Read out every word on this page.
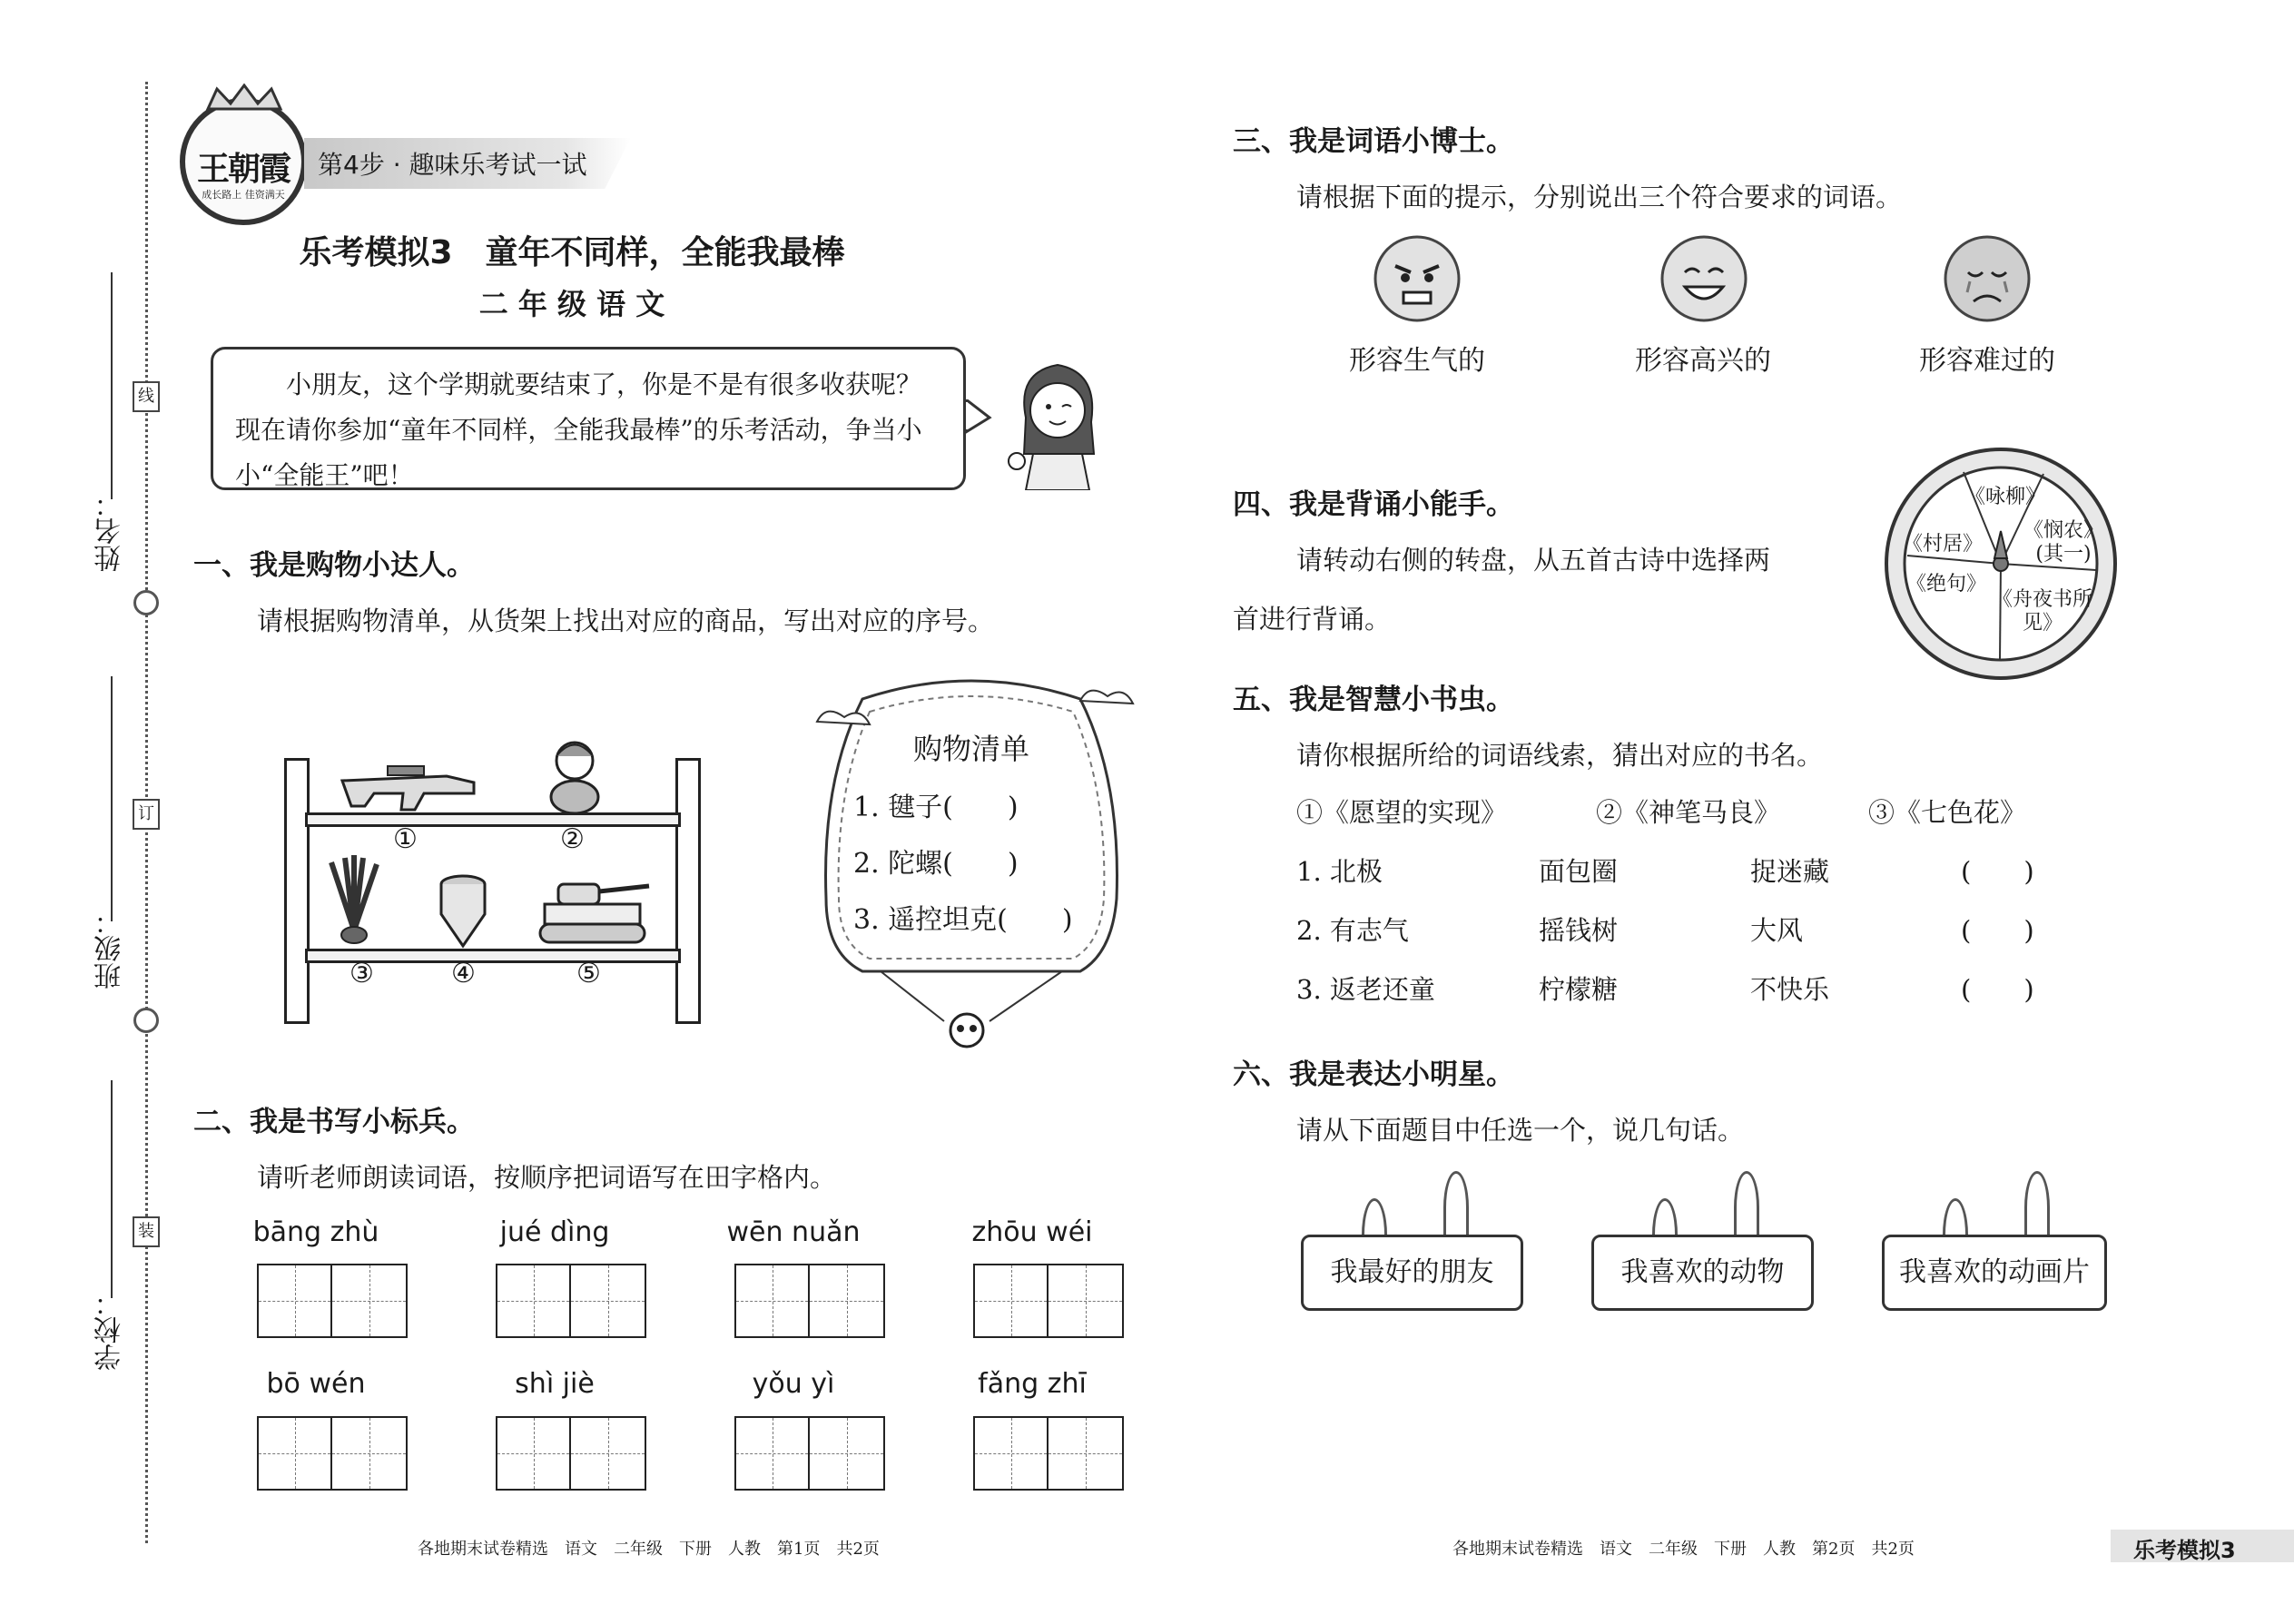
姓名：
班级：
学校：
线
订
装
王朝霞
成长路上 佳资满天
第4步 · 趣味乐考试一试
乐考模拟3　童年不同样，全能我最棒
二 年 级 语 文
小朋友，这个学期就要结束了，你是不是有很多收获呢？现在请你参加“童年不同样，全能我最棒”的乐考活动，争当小小“全能王”吧！
一、我是购物小达人。
请根据购物清单，从货架上找出对应的商品，写出对应的序号。
①	②
③	④	⑤
购物清单
1. 毽子(　　)
2. 陀螺(　　)
3. 遥控坦克(　　)
二、我是书写小标兵。
请听老师朗读词语，按顺序把词语写在田字格内。
bāng zhù	jué dìng	wēn nuǎn	zhōu wéi
bō wén	shì jiè	yǒu yì	fǎng zhī
各地期末试卷精选　语文　二年级　下册　人教　第1页　共2页
三、我是词语小博士。
请根据下面的提示，分别说出三个符合要求的词语。
形容生气的	形容高兴的	形容难过的
四、我是背诵小能手。
请转动右侧的转盘，从五首古诗中选择两
首进行背诵。
《咏柳》
《悯农》(其一)
《舟夜书所见》
《绝句》
《村居》
五、我是智慧小书虫。
请你根据所给的词语线索，猜出对应的书名。
①《愿望的实现》	②《神笔马良》	③《七色花》
1. 北极	面包圈	捉迷藏	(　　)
2. 有志气	摇钱树	大风	(　　)
3. 返老还童	柠檬糖	不快乐	(　　)
六、我是表达小明星。
请从下面题目中任选一个，说几句话。
我最好的朋友	我喜欢的动物	我喜欢的动画片
各地期末试卷精选　语文　二年级　下册　人教　第2页　共2页	乐考模拟3
